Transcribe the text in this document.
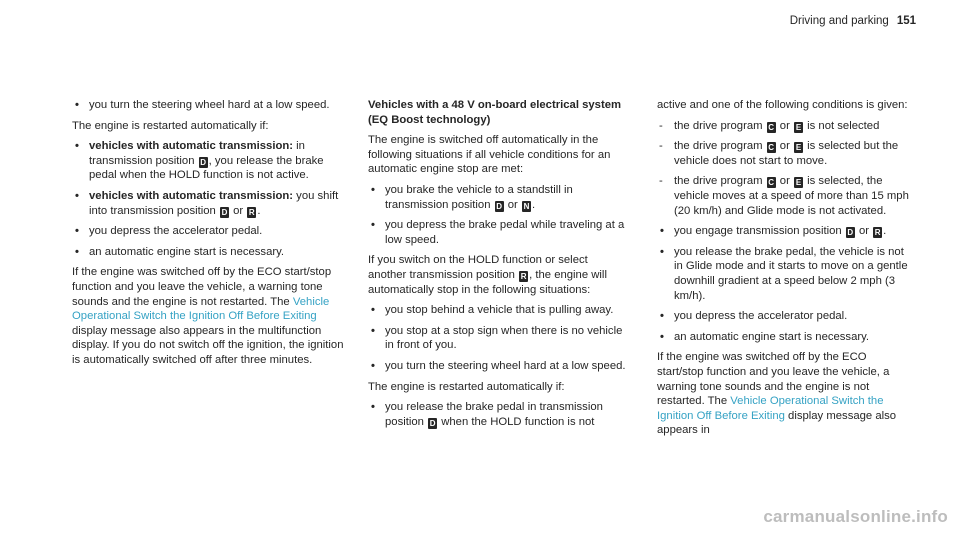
Driving and parking 151
• you turn the steering wheel hard at a low speed.

The engine is restarted automatically if:

• vehicles with automatic transmission: in transmission position D , you release the brake pedal when the HOLD function is not active.
• vehicles with automatic transmission: you shift into transmission position D or R .
• you depress the accelerator pedal.
• an automatic engine start is necessary.

If the engine was switched off by the ECO start/stop function and you leave the vehicle, a warning tone sounds and the engine is not restarted. The Vehicle Operational Switch the Ignition Off Before Exiting display message also appears in the multifunction display. If you do not switch off the ignition, the ignition is automatically switched off after three minutes.

Vehicles with a 48 V on-board electrical system (EQ Boost technology)

The engine is switched off automatically in the following situations if all vehicle conditions for an automatic engine stop are met:

• you brake the vehicle to a standstill in transmission position D or N .
• you depress the brake pedal while traveling at a low speed.

If you switch on the HOLD function or select another transmission position R , the engine will automatically stop in the following situations:

• you stop behind a vehicle that is pulling away.
• you stop at a stop sign when there is no vehicle in front of you.
• you turn the steering wheel hard at a low speed.

The engine is restarted automatically if:

• you release the brake pedal in transmission position D when the HOLD function is not

active and one of the following conditions is given:

- the drive program C or E is not selected
- the drive program C or E is selected but the vehicle does not start to move.
- the drive program C or E is selected, the vehicle moves at a speed of more than 15 mph (20 km/h) and Glide mode is not activated.
• you engage transmission position D or R .
• you release the brake pedal, the vehicle is not in Glide mode and it starts to move on a gentle downhill gradient at a speed below 2 mph (3 km/h).
• you depress the accelerator pedal.
• an automatic engine start is necessary.

If the engine was switched off by the ECO start/stop function and you leave the vehicle, a warning tone sounds and the engine is not restarted. The Vehicle Operational Switch the Ignition Off Before Exiting display message also appears in

carmanualsonline.info
